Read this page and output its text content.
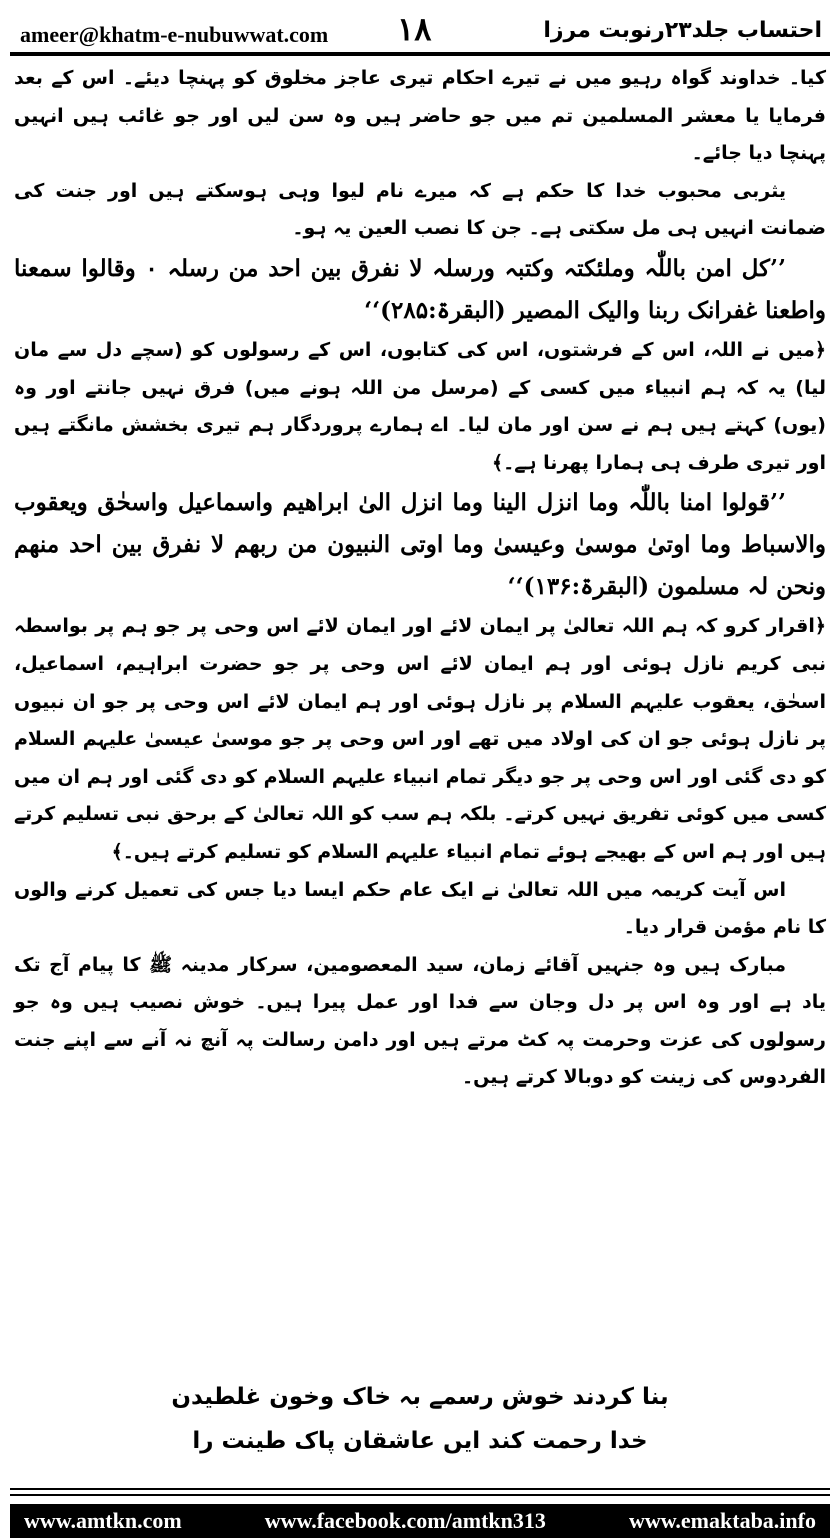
ameer@khatm-e-nubuwwat.com ۱۸	احتساب جلد۲۳رنوبت مرزا

کیا۔ خداوند گواہ رہیو میں نے تیرے احکام تیری عاجز مخلوق کو پہنچا دیئے۔ اس کے بعد فرمایا یا معشر المسلمین تم میں جو حاضر ہیں وہ سن لیں اور جو غائب ہیں انہیں پہنچا دیا جائے۔

یثربی محبوب خدا کا حکم ہے کہ میرے نام لیوا وہی ہوسکتے ہیں اور جنت کی ضمانت انہیں ہی مل سکتی ہے۔ جن کا نصب العین یہ ہو۔

’’کل امن باللّٰہ وملئکتہ وکتبہ ورسلہ لا نفرق بین احد من رسلہ ۰ وقالوا سمعنا واطعنا غفرانک ربنا والیک المصیر (البقرۃ:۲۸۵)‘‘

﴿میں نے اللہ، اس کے فرشتوں، اس کی کتابوں، اس کے رسولوں کو (سچے دل سے مان لیا) یہ کہ ہم انبیاء میں کسی کے (مرسل من اللہ ہونے میں) فرق نہیں جانتے اور وہ (یوں) کہتے ہیں ہم نے سن اور مان لیا۔ اے ہمارے پروردگار ہم تیری بخشش مانگتے ہیں اور تیری طرف ہی ہمارا پھرنا ہے۔﴾

’’قولوا امنا باللّٰہ وما انزل الینا وما انزل الیٰ ابراھیم واسماعیل واسحٰق ویعقوب والاسباط وما اوتیٰ موسیٰ وعیسیٰ وما اوتی النبیون من ربھم لا نفرق بین احد منھم ونحن لہ مسلمون (البقرۃ:۱۳۶)‘‘

﴿اقرار کرو کہ ہم اللہ تعالیٰ پر ایمان لائے اور ایمان لائے اس وحی پر جو ہم پر بواسطہ نبی کریم نازل ہوئی اور ہم ایمان لائے اس وحی پر جو حضرت ابراہیم، اسماعیل، اسحٰق، یعقوب علیہم السلام پر نازل ہوئی اور ہم ایمان لائے اس وحی پر جو ان نبیوں پر نازل ہوئی جو ان کی اولاد میں تھے اور اس وحی پر جو موسیٰ عیسیٰ علیہم السلام کو دی گئی اور اس وحی پر جو دیگر تمام انبیاء علیہم السلام کو دی گئی اور ہم ان میں کسی میں کوئی تفریق نہیں کرتے۔ بلکہ ہم سب کو اللہ تعالیٰ کے برحق نبی تسلیم کرتے ہیں اور ہم اس کے بھیجے ہوئے تمام انبیاء علیہم السلام کو تسلیم کرتے ہیں۔﴾

اس آیت کریمہ میں اللہ تعالیٰ نے ایک عام حکم ایسا دیا جس کی تعمیل کرنے والوں کا نام مؤمن قرار دیا۔

مبارک ہیں وہ جنہیں آقائے زمان، سید المعصومین، سرکار مدینہ ﷺ کا پیام آج تک یاد ہے اور وہ اس پر دل وجان سے فدا اور عمل پیرا ہیں۔ خوش نصیب ہیں وہ جو رسولوں کی عزت وحرمت پہ کٹ مرتے ہیں اور دامن رسالت پہ آنچ نہ آنے سے اپنے جنت الفردوس کی زینت کو دوبالا کرتے ہیں۔

بنا کردند خوش رسمے بہ خاک وخون غلطیدن
خدا رحمت کند ایں عاشقان پاک طینت را
www.amtkn.com	www.facebook.com/amtkn313	www.emaktaba.info
